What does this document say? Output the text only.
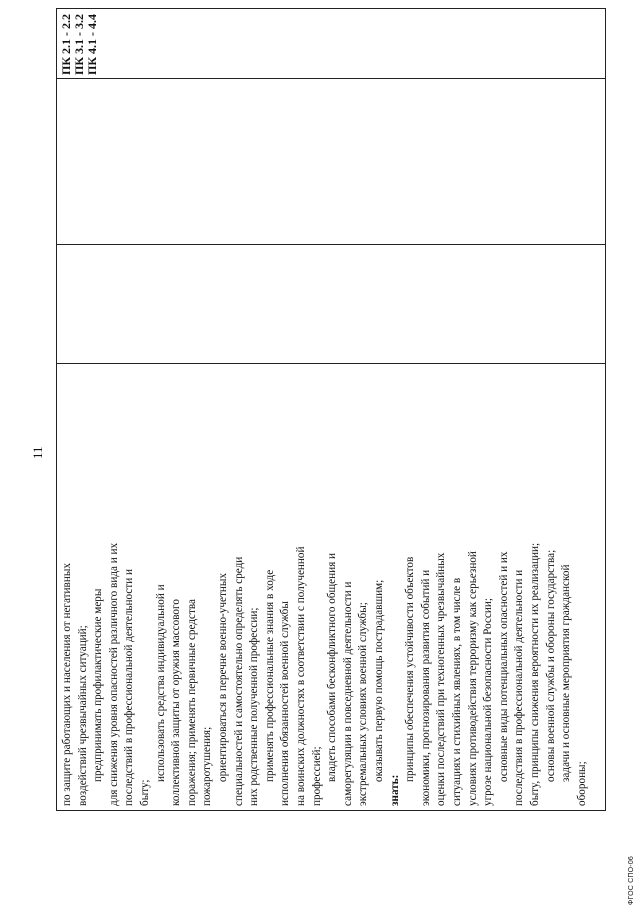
11
по защите работающих и населения от негативных воздействий чрезвычайных ситуаций; предпринимать профилактические меры для снижения уровня опасностей различного вида и их последствий в профессиональной деятельности и быту;
использовать средства индивидуальной и коллективной защиты от оружия массового поражения; применять первичные средства пожаротушения; ориентироваться в перечне военно-учетных специальностей и самостоятельно определять среди них родственные полученной профессии; применять профессиональные знания в ходе исполнения обязанностей военной службы на воинских должностях в соответствии с полученной профессией; владеть способами бесконфликтного общения и саморегуляции в повседневной деятельности и экстремальных условиях военной службы; оказывать первую помощь пострадавшим;
знать:
принципы обеспечения устойчивости объектов экономики, прогнозирования развития событий и оценки последствий при техногенных чрезвычайных ситуациях и стихийных явлениях, в том числе в условиях противодействия терроризму как серьезной угрозе национальной безопасности России; основные виды потенциальных опасностей и их последствия в профессиональной деятельности и быту, принципы снижения вероятности их реализации; основы военной службы и обороны государства; задачи и основные мероприятия гражданской
обороны;
ПК 2.1 - 2.2 ПК 3.1 - 3.2 ПК 4.1 - 4.4
ФГОС СПО-06
